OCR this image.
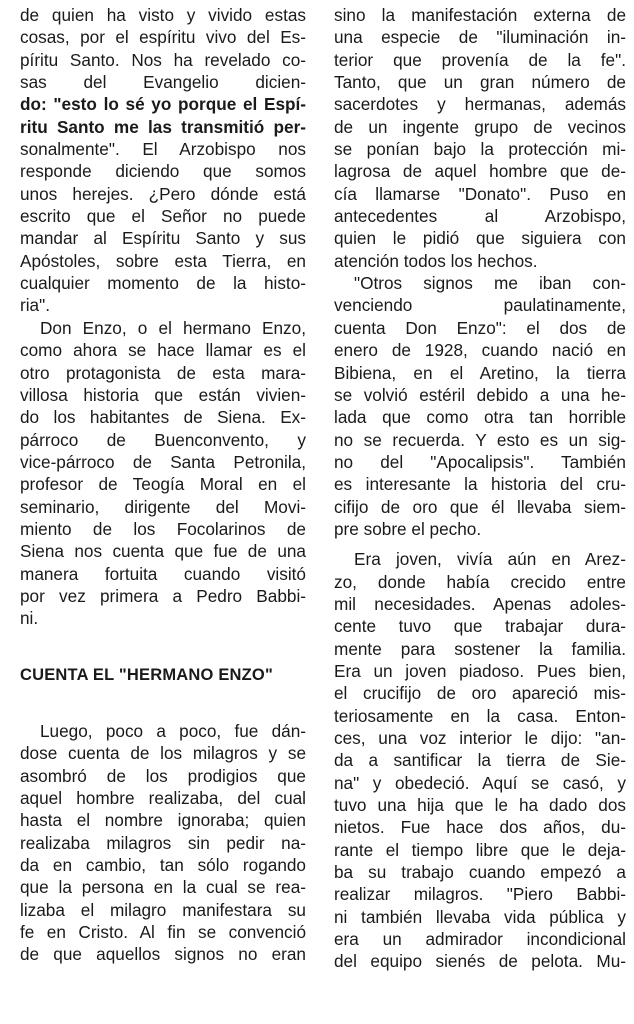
de quien ha visto y vivido estas
cosas, por el espíritu vivo del Es-
píritu Santo. Nos ha revelado co-
sas del Evangelio dicien-
do: "esto lo sé yo porque el Espí-
ritu Santo me las transmitió per-
sonalmente". El Arzobispo nos
responde diciendo que somos
unos herejes. ¿Pero dónde está
escrito que el Señor no puede
mandar al Espíritu Santo y sus
Apóstoles, sobre esta Tierra, en
cualquier momento de la histo-
ria".

Don Enzo, o el hermano Enzo,
como ahora se hace llamar es el
otro protagonista de esta mara-
villosa historia que están vivien-
do los habitantes de Siena. Ex-
párroco de Buenconvento, y
vice-párroco de Santa Petronila,
profesor de Teogía Moral en el
seminario, dirigente del Movi-
miento de los Focolarinos de
Siena nos cuenta que fue de una
manera fortuita cuando visitó
por vez primera a Pedro Babbi-
ni.

CUENTA EL "HERMANO ENZO"

Luego, poco a poco, fue dán-
dose cuenta de los milagros y se
asombró de los prodigios que
aquel hombre realizaba, del cual
hasta el nombre ignoraba; quien
realizaba milagros sin pedir na-
da en cambio, tan sólo rogando
que la persona en la cual se rea-
lizaba el milagro manifestara su
fe en Cristo. Al fin se convenció
de que aquellos signos no eran

sino la manifestación externa de
una especie de "iluminación in-
terior que provenía de la fe".
Tanto, que un gran número de
sacerdotes y hermanas, además
de un ingente grupo de vecinos
se ponían bajo la protección mi-
lagrosa de aquel hombre que de-
cía llamarse "Donato". Puso en
antecedentes al Arzobispo,
quien le pidió que siguiera con
atención todos los hechos.

"Otros signos me iban con-
venciendo paulatinamente,
cuenta Don Enzo": el dos de
enero de 1928, cuando nació en
Bibiena, en el Aretino, la tierra
se volvió estéril debido a una he-
lada que como otra tan horrible
no se recuerda. Y esto es un sig-
no del "Apocalipsis". También
es interesante la historia del cru-
cifijo de oro que él llevaba siem-
pre sobre el pecho.

Era joven, vivía aún en Arez-
zo, donde había crecido entre
mil necesidades. Apenas adoles-
cente tuvo que trabajar dura-
mente para sostener la familia.
Era un joven piadoso. Pues bien,
el crucifijo de oro apareció mis-
teriosamente en la casa. Enton-
ces, una voz interior le dijo: "an-
da a santificar la tierra de Sie-
na" y obedeció. Aquí se casó, y
tuvo una hija que le ha dado dos
nietos. Fue hace dos años, du-
rante el tiempo libre que le deja-
ba su trabajo cuando empezó a
realizar milagros. "Piero Babbi-
ni también llevaba vida pública y
era un admirador incondicional
del equipo sienés de pelota. Mu-
